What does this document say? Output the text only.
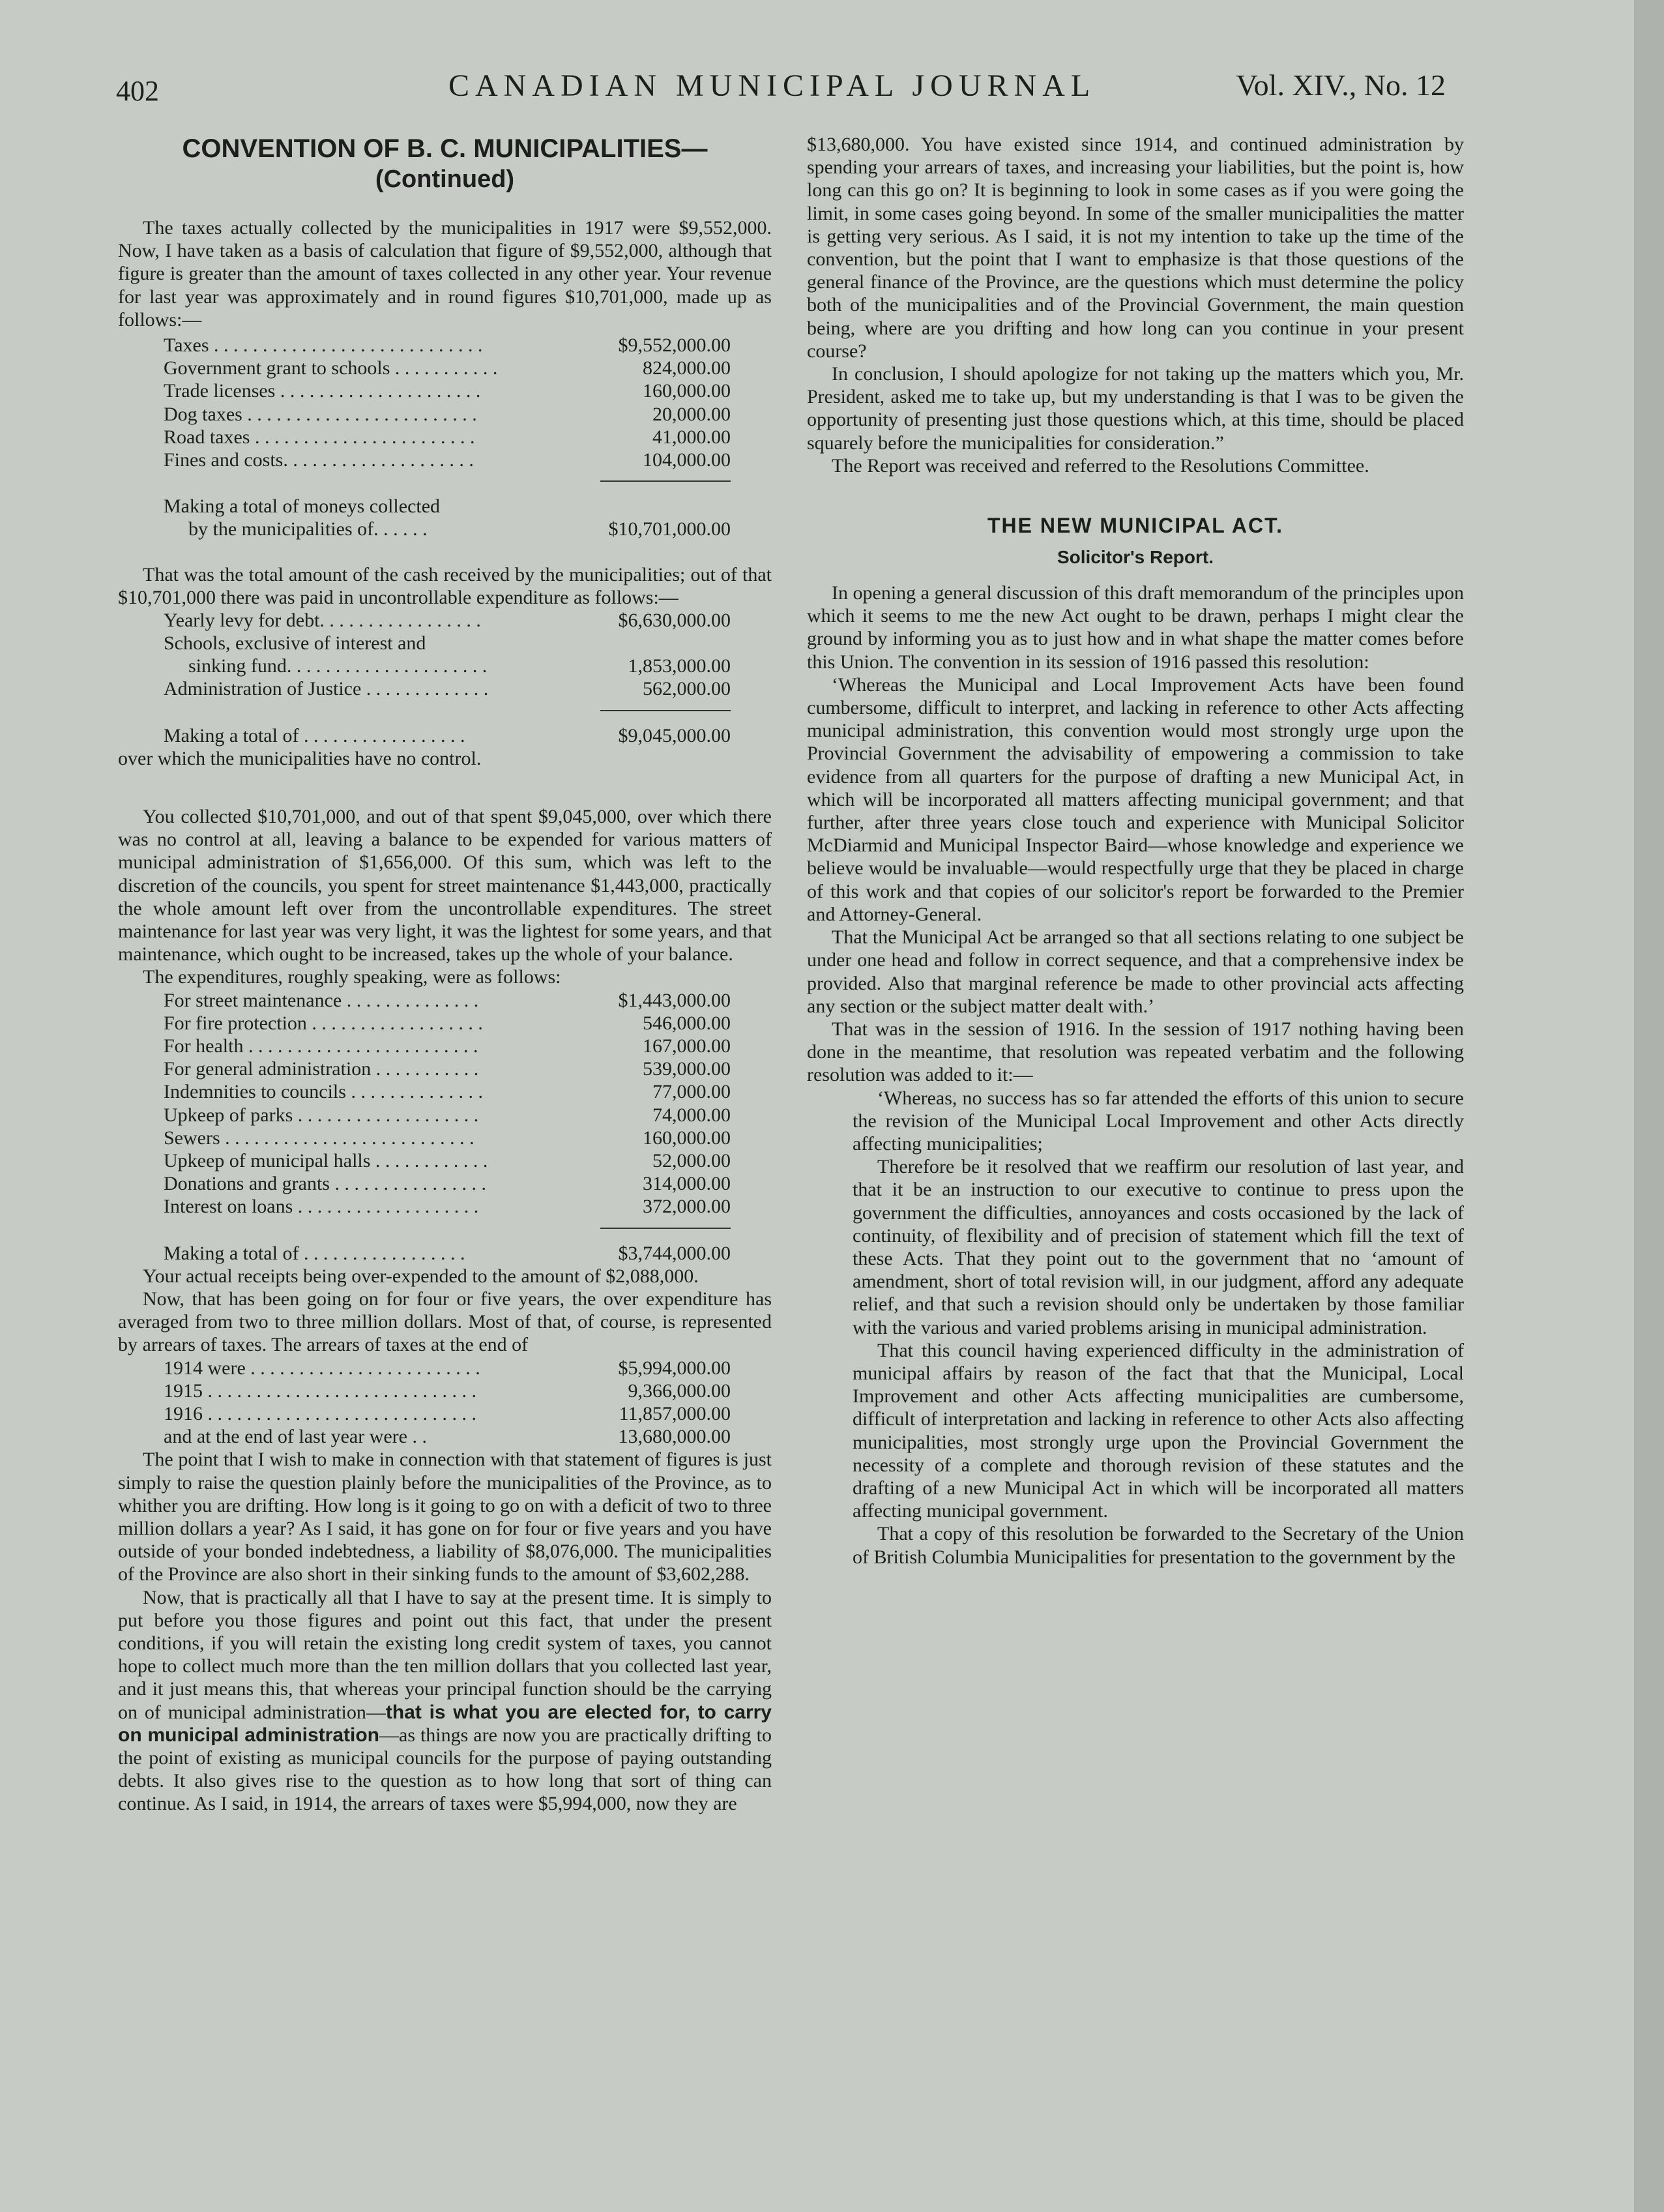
402	CANADIAN MUNICIPAL JOURNAL	Vol. XIV., No. 12

CONVENTION OF B. C. MUNICIPALITIES—

(Continued)

The taxes actually collected by the municipalities in 1917 were $9,552,000. Now, I have taken as a basis of calculation that figure of $9,552,000, although that figure is greater than the amount of taxes collected in any other year. Your revenue for last year was approximately and in round figures $10,701,000, made up as follows:—

Taxes . . . . . . . . . . . . . . . . . . . . . . . . . . . .	$9,552,000.00
Government grant to schools . . . . . . . . . . .	824,000.00
Trade licenses . . . . . . . . . . . . . . . . . . . . .	160,000.00
Dog taxes . . . . . . . . . . . . . . . . . . . . . . . .	20,000.00
Road taxes . . . . . . . . . . . . . . . . . . . . . . .	41,000.00
Fines and costs. . . . . . . . . . . . . . . . . . . .	104,000.00
Making a total of moneys collected
by the municipalities of. . . . . .	$10,701,000.00

That was the total amount of the cash received by the municipalities; out of that $10,701,000 there was paid in uncontrollable expenditure as follows:—

Yearly levy for debt. . . . . . . . . . . . . . . . .	$6,630,000.00
Schools, exclusive of interest and
sinking fund. . . . . . . . . . . . . . . . . . . . .	1,853,000.00
Administration of Justice . . . . . . . . . . . . .	562,000.00
Making a total of . . . . . . . . . . . . . . . . .	$9,045,000.00

over which the municipalities have no control.

You collected $10,701,000, and out of that spent $9,045,000, over which there was no control at all, leaving a balance to be expended for various matters of municipal administration of $1,656,000. Of this sum, which was left to the discretion of the councils, you spent for street maintenance $1,443,000, practically the whole amount left over from the uncontrollable expenditures. The street maintenance for last year was very light, it was the lightest for some years, and that maintenance, which ought to be increased, takes up the whole of your balance.

The expenditures, roughly speaking, were as follows:

For street maintenance . . . . . . . . . . . . . .	$1,443,000.00
For fire protection . . . . . . . . . . . . . . . . . .	546,000.00
For health . . . . . . . . . . . . . . . . . . . . . . . .	167,000.00
For general administration . . . . . . . . . . .	539,000.00
Indemnities to councils . . . . . . . . . . . . . .	77,000.00
Upkeep of parks . . . . . . . . . . . . . . . . . . .	74,000.00
Sewers . . . . . . . . . . . . . . . . . . . . . . . . . .	160,000.00
Upkeep of municipal halls . . . . . . . . . . . .	52,000.00
Donations and grants . . . . . . . . . . . . . . . .	314,000.00
Interest on loans . . . . . . . . . . . . . . . . . . .	372,000.00
Making a total of . . . . . . . . . . . . . . . . .	$3,744,000.00

Your actual receipts being over-expended to the amount of $2,088,000.

Now, that has been going on for four or five years, the over expenditure has averaged from two to three million dollars. Most of that, of course, is represented by arrears of taxes. The arrears of taxes at the end of

1914 were . . . . . . . . . . . . . . . . . . . . . . . .	$5,994,000.00
1915 . . . . . . . . . . . . . . . . . . . . . . . . . . . .	9,366,000.00
1916 . . . . . . . . . . . . . . . . . . . . . . . . . . . .	11,857,000.00
and at the end of last year were . .	13,680,000.00

The point that I wish to make in connection with that statement of figures is just simply to raise the question plainly before the municipalities of the Province, as to whither you are drifting. How long is it going to go on with a deficit of two to three million dollars a year? As I said, it has gone on for four or five years and you have outside of your bonded indebtedness, a liability of $8,076,000. The municipalities of the Province are also short in their sinking funds to the amount of $3,602,288.

Now, that is practically all that I have to say at the present time. It is simply to put before you those figures and point out this fact, that under the present conditions, if you will retain the existing long credit system of taxes, you cannot hope to collect much more than the ten million dollars that you collected last year, and it just means this, that whereas your principal function should be the carrying on of municipal administration—that is what you are elected for, to carry on municipal administration—as things are now you are practically drifting to the point of existing as municipal councils for the purpose of paying outstanding debts. It also gives rise to the question as to how long that sort of thing can continue. As I said, in 1914, the arrears of taxes were $5,994,000, now they are

$13,680,000. You have existed since 1914, and continued administration by spending your arrears of taxes, and increasing your liabilities, but the point is, how long can this go on? It is beginning to look in some cases as if you were going the limit, in some cases going beyond. In some of the smaller municipalities the matter is getting very serious. As I said, it is not my intention to take up the time of the convention, but the point that I want to emphasize is that those questions of the general finance of the Province, are the questions which must determine the policy both of the municipalities and of the Provincial Government, the main question being, where are you drifting and how long can you continue in your present course?

In conclusion, I should apologize for not taking up the matters which you, Mr. President, asked me to take up, but my understanding is that I was to be given the opportunity of presenting just those questions which, at this time, should be placed squarely before the municipalities for consideration.”

The Report was received and referred to the Resolutions Committee.

THE NEW MUNICIPAL ACT.

Solicitor's Report.

In opening a general discussion of this draft memorandum of the principles upon which it seems to me the new Act ought to be drawn, perhaps I might clear the ground by informing you as to just how and in what shape the matter comes before this Union. The convention in its session of 1916 passed this resolution:

‘Whereas the Municipal and Local Improvement Acts have been found cumbersome, difficult to interpret, and lacking in reference to other Acts affecting municipal administration, this convention would most strongly urge upon the Provincial Government the advisability of empowering a commission to take evidence from all quarters for the purpose of drafting a new Municipal Act, in which will be incorporated all matters affecting municipal government; and that further, after three years close touch and experience with Municipal Solicitor McDiarmid and Municipal Inspector Baird—whose knowledge and experience we believe would be invaluable—would respectfully urge that they be placed in charge of this work and that copies of our solicitor's report be forwarded to the Premier and Attorney-General.

That the Municipal Act be arranged so that all sections relating to one subject be under one head and follow in correct sequence, and that a comprehensive index be provided. Also that marginal reference be made to other provincial acts affecting any section or the subject matter dealt with.’

That was in the session of 1916. In the session of 1917 nothing having been done in the meantime, that resolution was repeated verbatim and the following resolution was added to it:—

‘Whereas, no success has so far attended the efforts of this union to secure the revision of the Municipal Local Improvement and other Acts directly affecting municipalities;

Therefore be it resolved that we reaffirm our resolution of last year, and that it be an instruction to our executive to continue to press upon the government the difficulties, annoyances and costs occasioned by the lack of continuity, of flexibility and of precision of statement which fill the text of these Acts. That they point out to the government that no ‘amount of amendment, short of total revision will, in our judgment, afford any adequate relief, and that such a revision should only be undertaken by those familiar with the various and varied problems arising in municipal administration.

That this council having experienced difficulty in the administration of municipal affairs by reason of the fact that that the Municipal, Local Improvement and other Acts affecting municipalities are cumbersome, difficult of interpretation and lacking in reference to other Acts also affecting municipalities, most strongly urge upon the Provincial Government the necessity of a complete and thorough revision of these statutes and the drafting of a new Municipal Act in which will be incorporated all matters affecting municipal government.

That a copy of this resolution be forwarded to the Secretary of the Union of British Columbia Municipalities for presentation to the government by the
